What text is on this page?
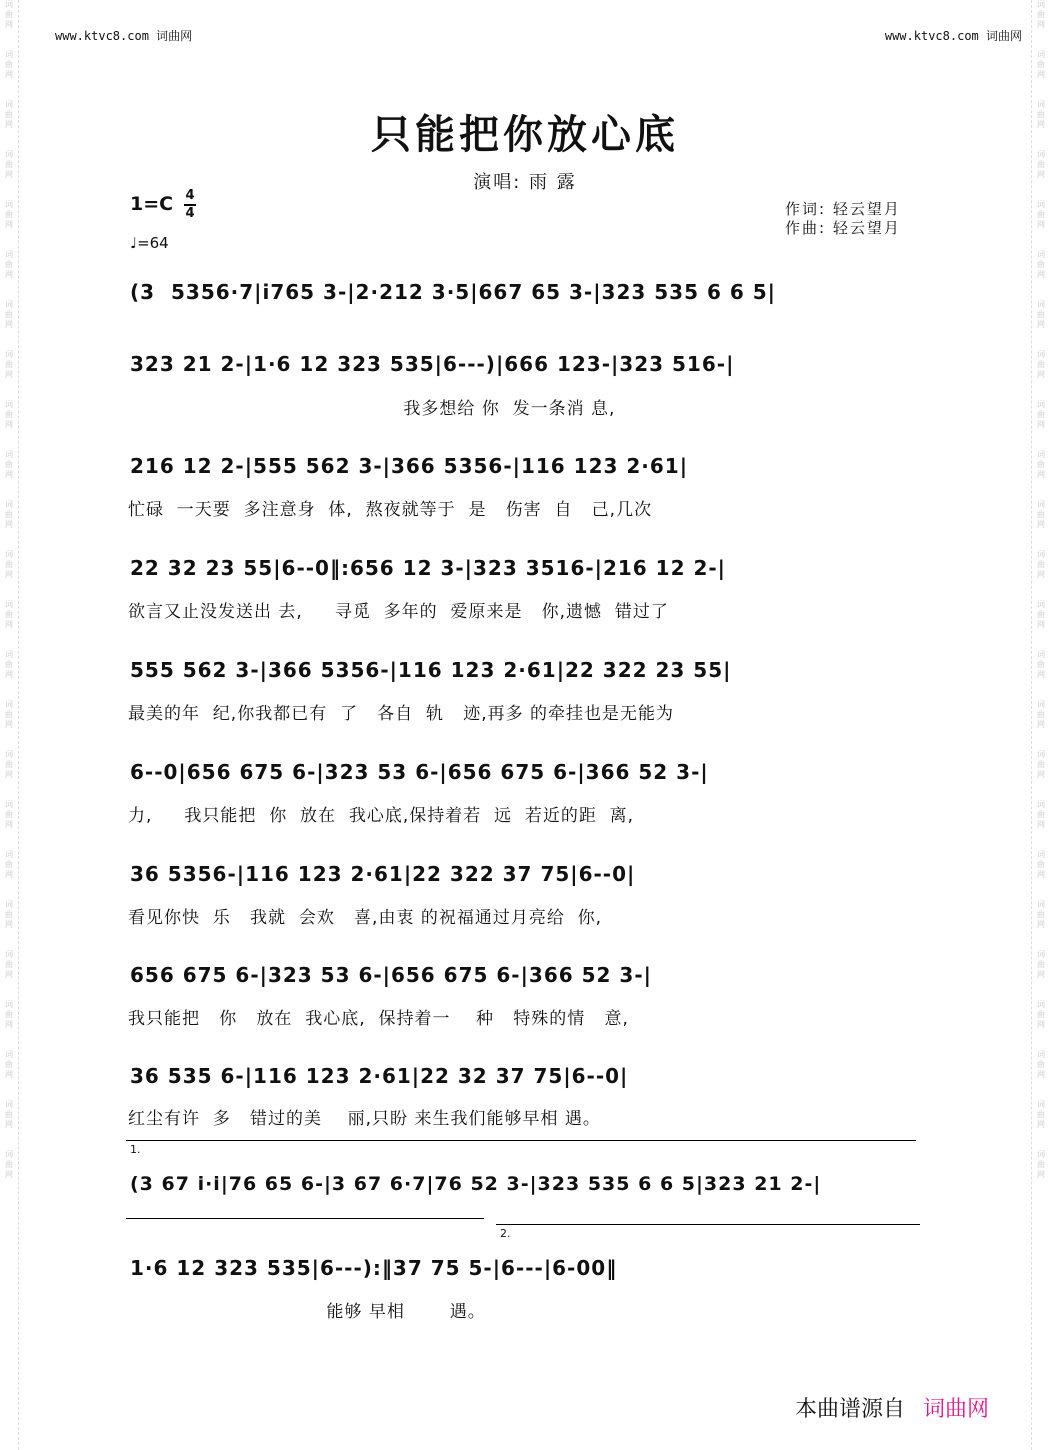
www.ktvc8.com 词曲网	www.ktvc8.com 词曲网
词
曲
网

词
曲
网

词
曲
网

词
曲
网

词
曲
网

词
曲
网

词
曲
网

词
曲
网

词
曲
网

词
曲
网

词
曲
网

词
曲
网

词
曲
网

词
曲
网

词
曲
网

词
曲
网

词
曲
网

词
曲
网

词
曲
网

词
曲
网

词
曲
网

词
曲
网

词
曲
网

词
曲
网

词
曲
网

词
曲
网

词
曲
网

词
曲
网

词
曲
网

词
曲
网

词
曲
网

词
曲
网

词
曲
网

词
曲
网

词
曲
网

词
曲
网

词
曲
网

词
曲
网

词
曲
网

词
曲
网

词
曲
网

词
曲
网

词
曲
网

词
曲
网

词
曲
网

词
曲
网

词
曲
网

词
曲
网

只能把你放心底
演唱: 雨 露
1=C 4
4
♩=64
作词: 轻云望月
作曲: 轻云望月
(3  5356·7|i765 3-|2·212 3·5|667 65 3-|323 535 6 6 5|
323 21 2-|1·6 12 323 535|6---)|666 123-|323 516-|
我多想给 你  发一条消 息,
216 12 2-|555 562 3-|366 5356-|116 123 2·61|
忙碌  一天要  多注意身  体,  熬夜就等于  是   伤害  自   己,几次
22 32 23 55|6--0‖:656 12 3-|323 3516-|216 12 2-|
欲言又止没发送出 去,     寻觅  多年的  爱原来是   你,遗憾  错过了
555 562 3-|366 5356-|116 123 2·61|22 322 23 55|
最美的年  纪,你我都已有  了   各自  轨   迹,再多 的牵挂也是无能为
6--0|656 675 6-|323 53 6-|656 675 6-|366 52 3-|
力,     我只能把  你  放在  我心底,保持着若  远  若近的距  离,
36 5356-|116 123 2·61|22 322 37 75|6--0|
看见你快  乐   我就  会欢   喜,由衷 的祝福通过月亮给  你,
656 675 6-|323 53 6-|656 675 6-|366 52 3-|
我只能把   你   放在  我心底,  保持着一    种   特殊的情   意,
36 535 6-|116 123 2·61|22 32 37 75|6--0|
红尘有许  多   错过的美    丽,只盼 来生我们能够早相 遇。
1.
(3 67 i·i|76 65 6-|3 67 6·7|76 52 3-|323 535 6 6 5|323 21 2-|
2.
1·6 12 323 535|6---):‖37 75 5-|6---|6-00‖
能够 早相       遇。
本曲谱源自 词曲网
